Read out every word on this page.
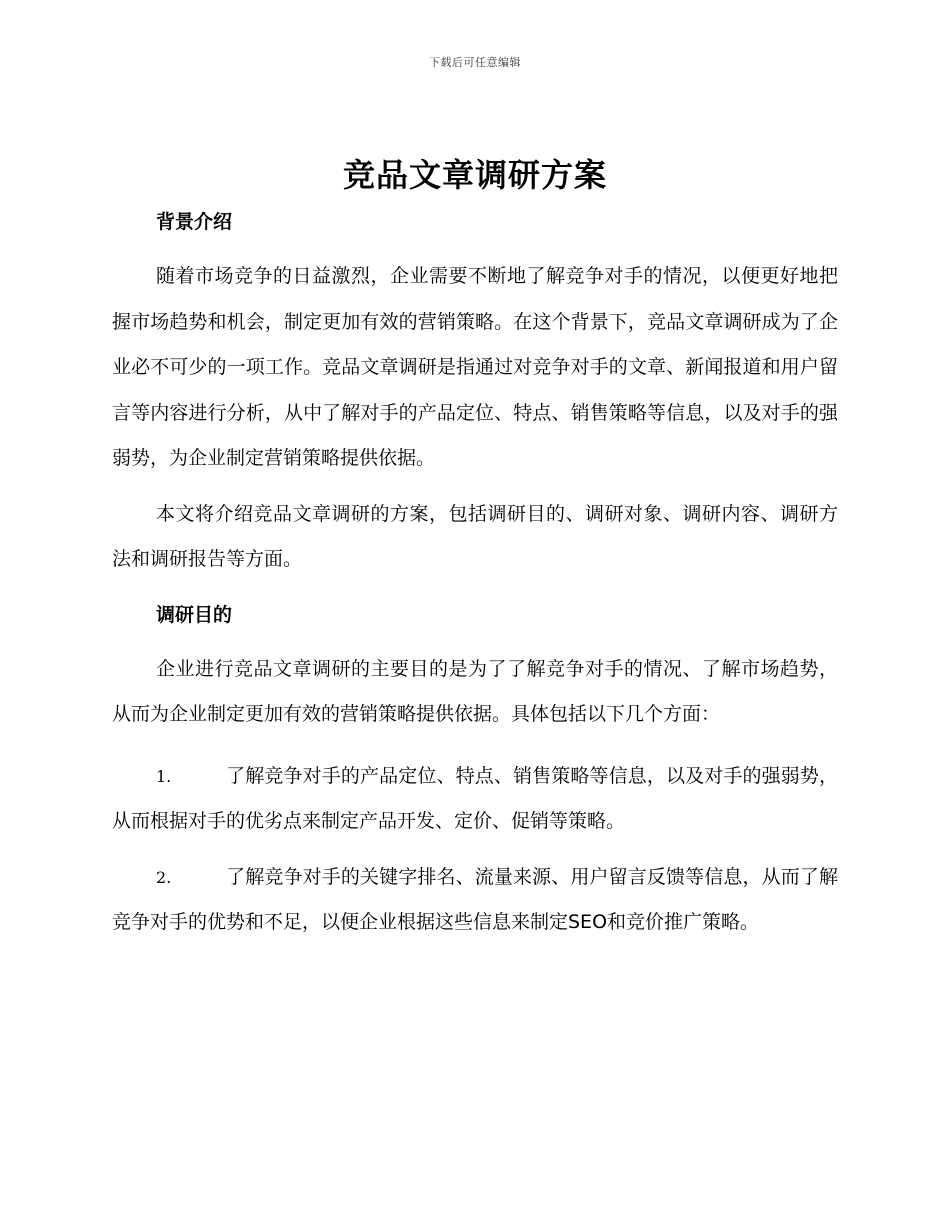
下载后可任意编辑
竞品文章调研方案
背景介绍

随着市场竞争的日益激烈，企业需要不断地了解竞争对手的情况，以便更好地把握市场趋势和机会，制定更加有效的营销策略。在这个背景下，竞品文章调研成为了企业必不可少的一项工作。竞品文章调研是指通过对竞争对手的文章、新闻报道和用户留言等内容进行分析，从中了解对手的产品定位、特点、销售策略等信息，以及对手的强弱势，为企业制定营销策略提供依据。

本文将介绍竞品文章调研的方案，包括调研目的、调研对象、调研内容、调研方法和调研报告等方面。

调研目的

企业进行竞品文章调研的主要目的是为了了解竞争对手的情况、了解市场趋势，从而为企业制定更加有效的营销策略提供依据。具体包括以下几个方面：

1.	了解竞争对手的产品定位、特点、销售策略等信息，以及对手的强弱势，从而根据对手的优劣点来制定产品开发、定价、促销等策略。

2.	了解竞争对手的关键字排名、流量来源、用户留言反馈等信息，从而了解竞争对手的优势和不足，以便企业根据这些信息来制定SEO和竞价推广策略。
